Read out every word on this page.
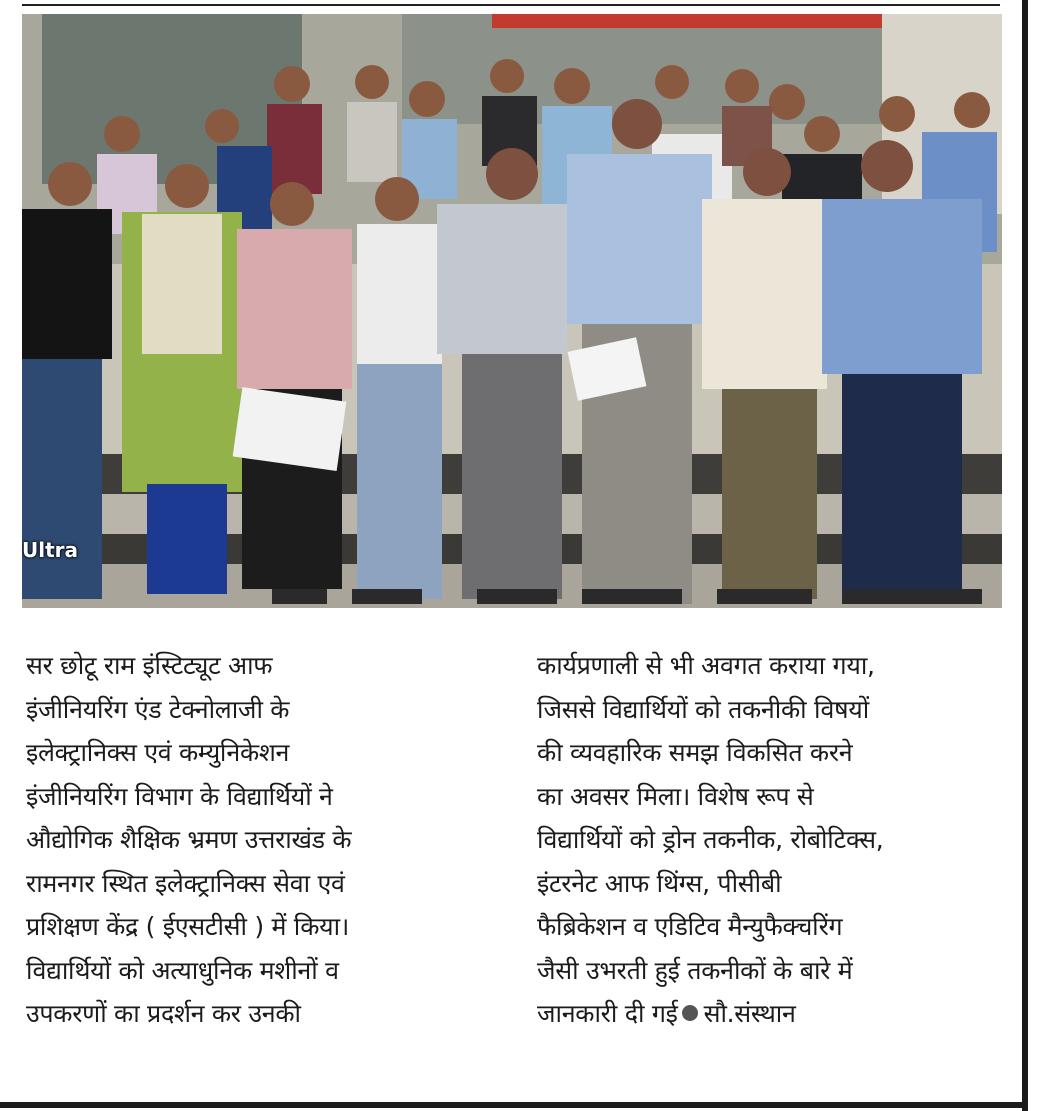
Ultra
सर छोटू राम इंस्टिट्यूट आफ
इंजीनियरिंग एंड टेक्नोलाजी के
इलेक्ट्रानिक्स एवं कम्युनिकेशन
इंजीनियरिंग विभाग के विद्यार्थियों ने
औद्योगिक शैक्षिक भ्रमण उत्तराखंड के
रामनगर स्थित इलेक्ट्रानिक्स सेवा एवं
प्रशिक्षण केंद्र ( ईएसटीसी ) में किया।
विद्यार्थियों को अत्याधुनिक मशीनों व
उपकरणों का प्रदर्शन कर उनकी
कार्यप्रणाली से भी अवगत कराया गया,
जिससे विद्यार्थियों को तकनीकी विषयों
की व्यवहारिक समझ विकसित करने
का अवसर मिला। विशेष रूप से
विद्यार्थियों को ड्रोन तकनीक, रोबोटिक्स,
इंटरनेट आफ थिंग्स, पीसीबी
फैब्रिकेशन व एडिटिव मैन्युफैक्चरिंग
जैसी उभरती हुई तकनीकों के बारे में
जानकारी दी गई सौ.संस्थान
